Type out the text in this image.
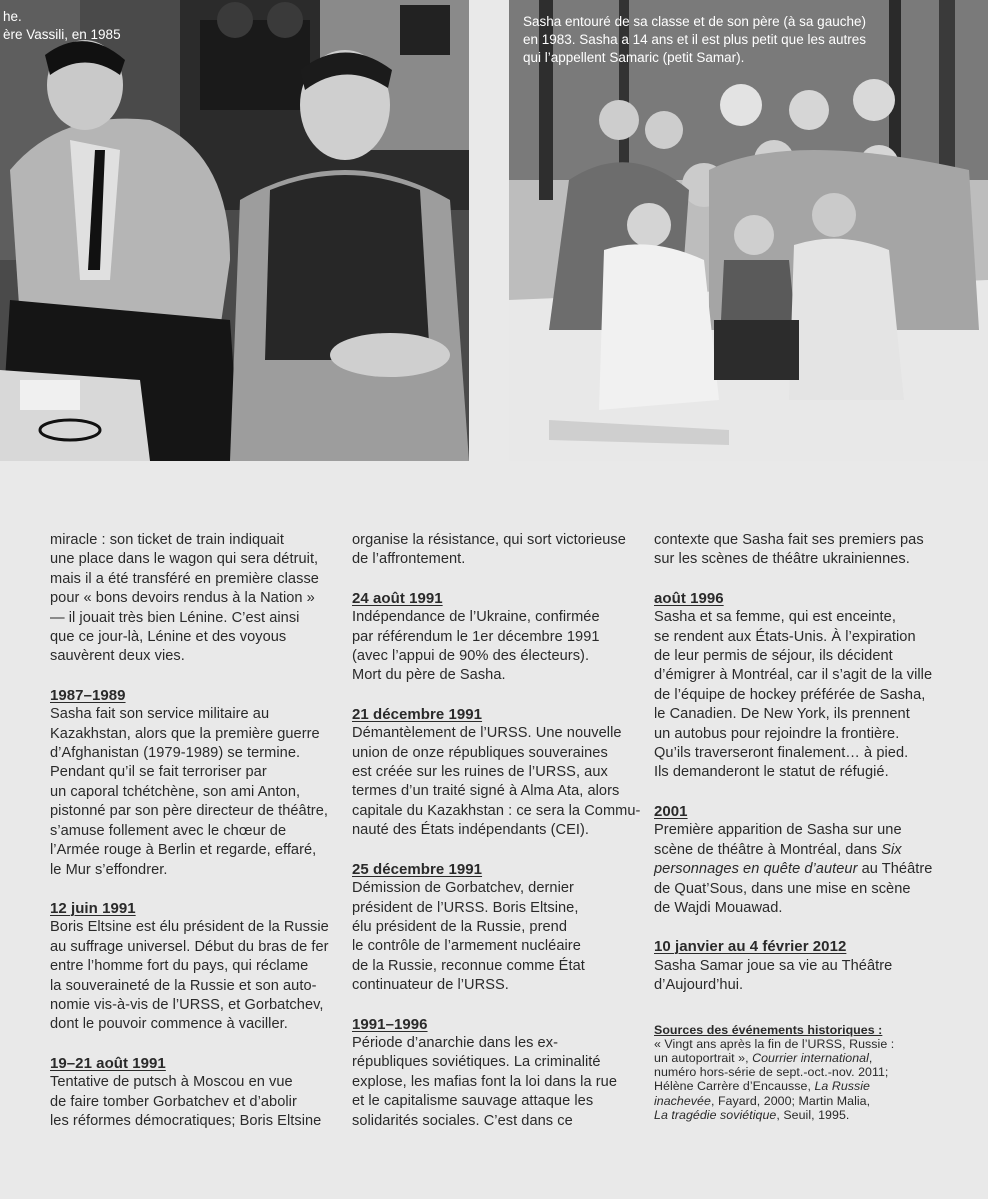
he.
ère Vassili, en 1985
Sasha entouré de sa classe et de son père (à sa gauche)
en 1983. Sasha a 14 ans et il est plus petit que les autres
qui l’appellent Samaric (petit Samar).
miracle : son ticket de train indiquait
une place dans le wagon qui sera détruit,
mais il a été transféré en première classe
pour « bons devoirs rendus à la Nation »
— il jouait très bien Lénine. C’est ainsi
que ce jour-là, Lénine et des voyous
sauvèrent deux vies.
1987–1989
Sasha fait son service militaire au
Kazakhstan, alors que la première guerre
d’Afghanistan (1979-1989) se termine.
Pendant qu’il se fait terroriser par
un caporal tchétchène, son ami Anton,
pistonné par son père directeur de théâtre,
s’amuse follement avec le chœur de
l’Armée rouge à Berlin et regarde, effaré,
le Mur s’effondrer.
12 juin 1991
Boris Eltsine est élu président de la Russie
au suffrage universel. Début du bras de fer
entre l’homme fort du pays, qui réclame
la souveraineté de la Russie et son auto-
nomie vis-à-vis de l’URSS, et Gorbatchev,
dont le pouvoir commence à vaciller.
19–21 août 1991
Tentative de putsch à Moscou en vue
de faire tomber Gorbatchev et d’abolir
les réformes démocratiques; Boris Eltsine
organise la résistance, qui sort victorieuse
de l’affrontement.
24 août 1991
Indépendance de l’Ukraine, confirmée
par référendum le 1er décembre 1991
(avec l’appui de 90% des électeurs).
Mort du père de Sasha.
21 décembre 1991
Démantèlement de l’URSS. Une nouvelle
union de onze républiques souveraines
est créée sur les ruines de l’URSS, aux
termes d’un traité signé à Alma Ata, alors
capitale du Kazakhstan : ce sera la Commu-
nauté des États indépendants (CEI).
25 décembre 1991
Démission de Gorbatchev, dernier
président de l’URSS. Boris Eltsine,
élu président de la Russie, prend
le contrôle de l’armement nucléaire
de la Russie, reconnue comme État
continuateur de l’URSS.
1991–1996
Période d’anarchie dans les ex-
républiques soviétiques. La criminalité
explose, les mafias font la loi dans la rue
et le capitalisme sauvage attaque les
solidarités sociales. C’est dans ce
contexte que Sasha fait ses premiers pas
sur les scènes de théâtre ukrainiennes.
août 1996
Sasha et sa femme, qui est enceinte,
se rendent aux États-Unis. À l’expiration
de leur permis de séjour, ils décident
d’émigrer à Montréal, car il s’agit de la ville
de l’équipe de hockey préférée de Sasha,
le Canadien. De New York, ils prennent
un autobus pour rejoindre la frontière.
Qu’ils traverseront finalement… à pied.
Ils demanderont le statut de réfugié.
2001
Première apparition de Sasha sur une
scène de théâtre à Montréal, dans Six
personnages en quête d’auteur au Théâtre
de Quat’Sous, dans une mise en scène
de Wajdi Mouawad.
10 janvier au 4 février 2012
Sasha Samar joue sa vie au Théâtre
d’Aujourd’hui.
Sources des événements historiques :
« Vingt ans après la fin de l’URSS, Russie :
un autoportrait », Courrier international,
numéro hors-série de sept.-oct.-nov. 2011;
Hélène Carrère d’Encausse, La Russie
inachevée, Fayard, 2000; Martin Malia,
La tragédie soviétique, Seuil, 1995.
